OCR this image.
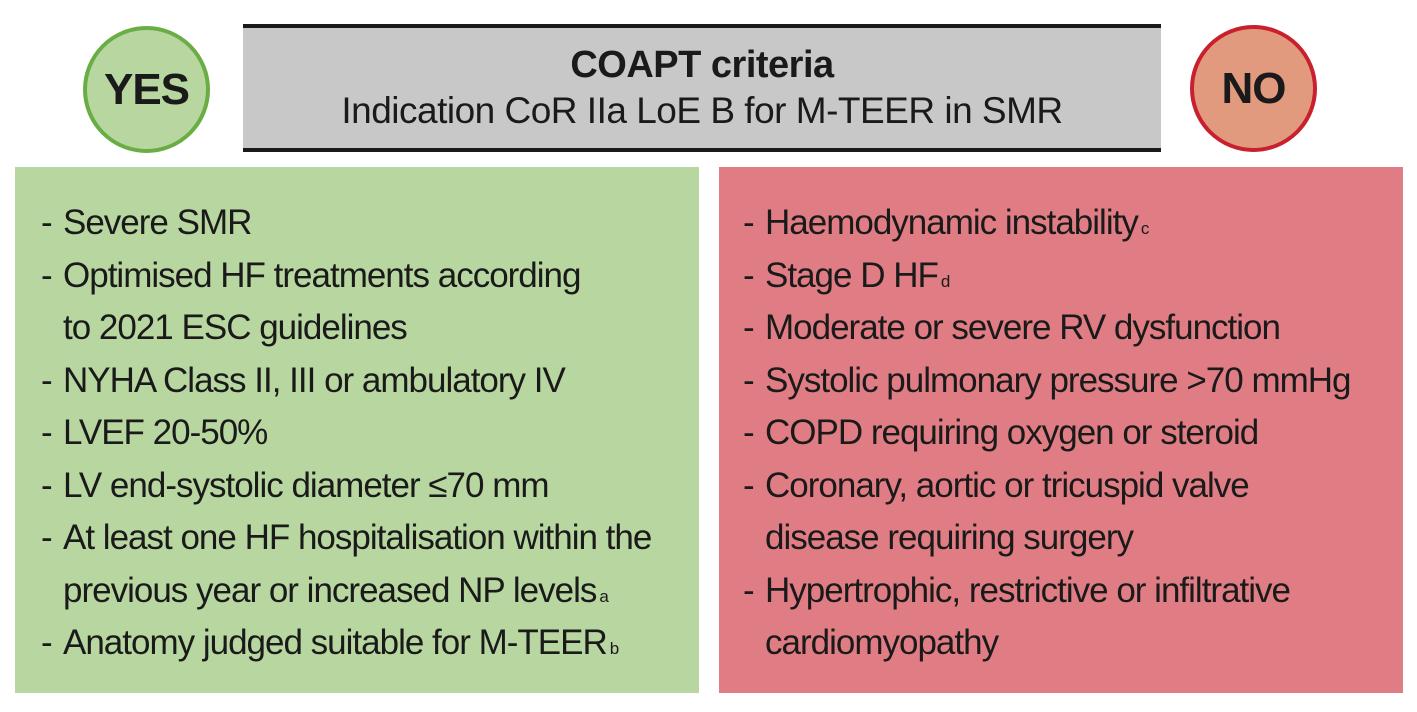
YES	COAPT criteria
Indication CoR IIa LoE B for M-TEER in SMR	NO
- Severe SMR
- Optimised HF treatments according
to 2021 ESC guidelines
- NYHA Class II, III or ambulatory IV
- LVEF 20-50%
- LV end-systolic diameter ≤70 mm
- At least one HF hospitalisation within the
previous year or increased NP levels $^a$
- Anatomy judged suitable for M-TEER $^b$
- Haemodynamic instability $^c$
- Stage D HF $^d$
- Moderate or severe RV dysfunction
- Systolic pulmonary pressure >70 mmHg
- COPD requiring oxygen or steroid
- Coronary, aortic or tricuspid valve
disease requiring surgery
- Hypertrophic, restrictive or infiltrative
cardiomyopathy
